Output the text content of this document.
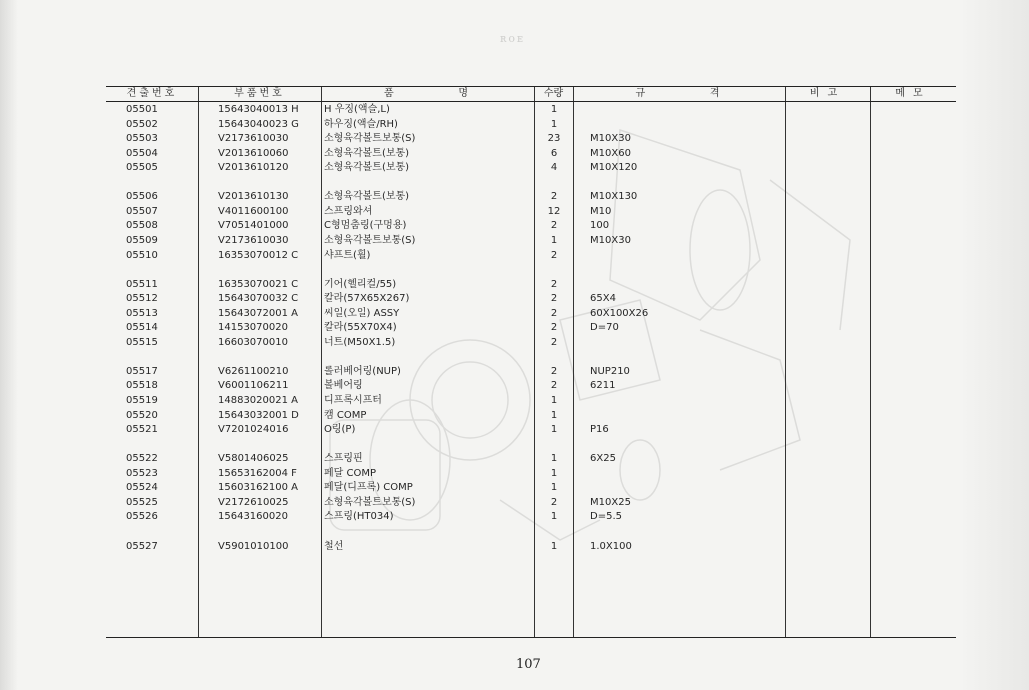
ʀᴏᴇ
견출번호	부품번호	품          명	수량	규          격	비고	메모
05501	15643040013 H	H 우징(액슬,L)	1
05502	15643040023 G	하우징(액슬/RH)	1
05503	V2173610030	소형육각볼트보통(S)	23	M10X30
05504	V2013610060	소형육각볼트(보통)	6	M10X60
05505	V2013610120	소형육각볼트(보통)	4	M10X120
05506	V2013610130	소형육각볼트(보통)	2	M10X130
05507	V4011600100	스프링와셔	12	M10
05508	V7051401000	C형멈춤링(구멍용)	2	100
05509	V2173610030	소형육각볼트보통(S)	1	M10X30
05510	16353070012 C	샤프트(휠)	2
05511	16353070021 C	기어(헬리컬/55)	2
05512	15643070032 C	칼라(57X65X267)	2	65X4
05513	15643072001 A	씨일(오일) ASSY	2	60X100X26
05514	14153070020	칼라(55X70X4)	2	D=70
05515	16603070010	너트(M50X1.5)	2
05517	V6261100210	롤러베어링(NUP)	2	NUP210
05518	V6001106211	볼베어링	2	6211
05519	14883020021 A	디프록시프터	1
05520	15643032001 D	캠 COMP	1
05521	V7201024016	O링(P)	1	P16
05522	V5801406025	스프링핀	1	6X25
05523	15653162004 F	페달 COMP	1
05524	15603162100 A	페달(디프록) COMP	1
05525	V2172610025	소형육각볼트보통(S)	2	M10X25
05526	15643160020	스프링(HT034)	1	D=5.5
05527	V5901010100	철선	1	1.0X100
107
